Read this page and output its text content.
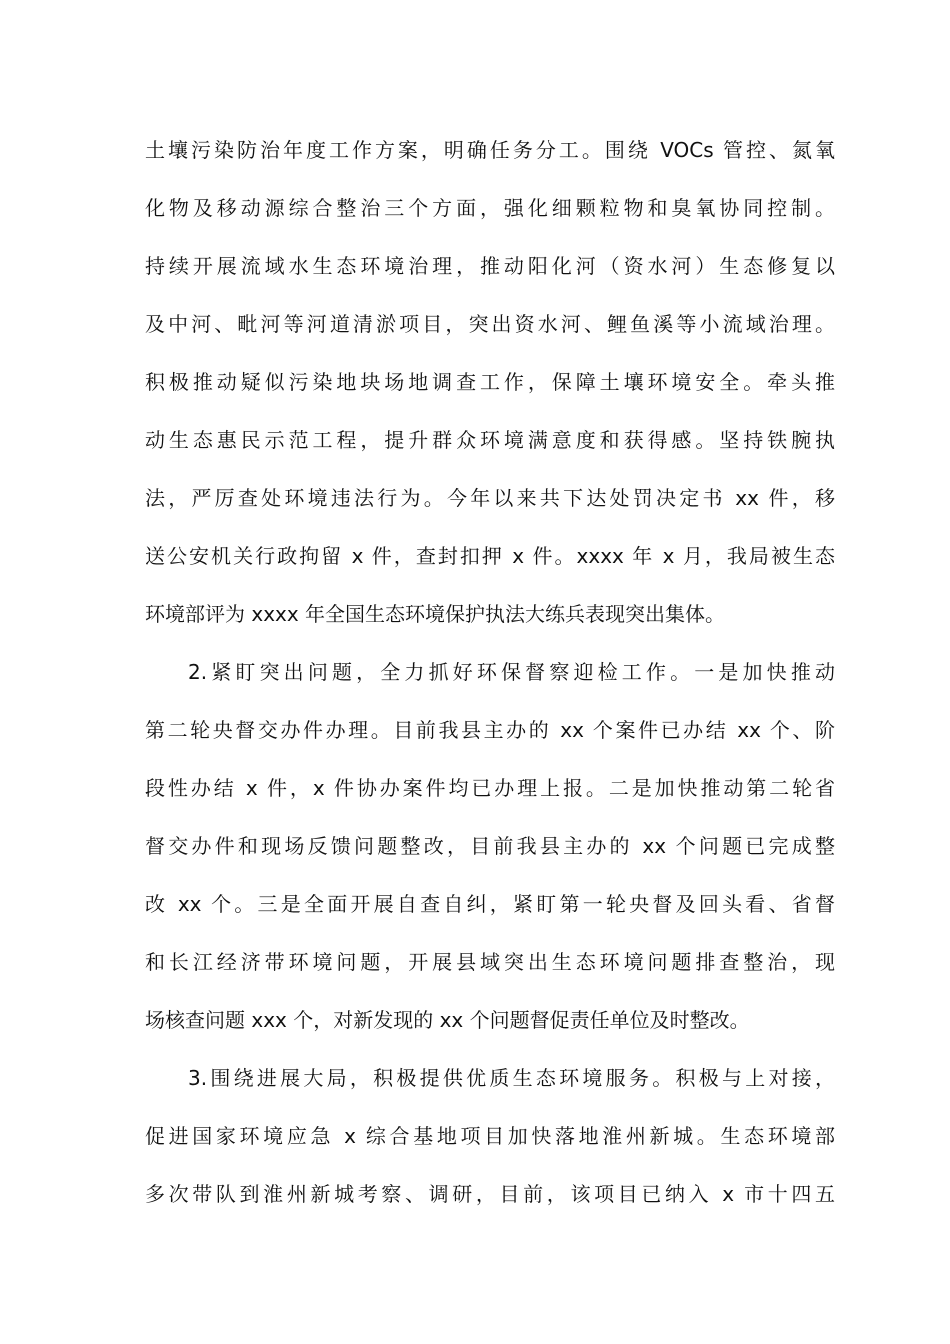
土壤污染防治年度工作方案，明确任务分工。围绕 VOCs 管控、氮氧
化物及移动源综合整治三个方面，强化细颗粒物和臭氧协同控制。
持续开展流域水生态环境治理，推动阳化河（资水河）生态修复以
及中河、毗河等河道清淤项目，突出资水河、鲤鱼溪等小流域治理。
积极推动疑似污染地块场地调查工作，保障土壤环境安全。牵头推
动生态惠民示范工程，提升群众环境满意度和获得感。坚持铁腕执
法，严厉查处环境违法行为。今年以来共下达处罚决定书 xx 件，移
送公安机关行政拘留 x 件，查封扣押 x 件。xxxx 年 x 月，我局被生态
环境部评为 xxxx 年全国生态环境保护执法大练兵表现突出集体。
2.紧盯突出问题，全力抓好环保督察迎检工作。一是加快推动
第二轮央督交办件办理。目前我县主办的 xx 个案件已办结 xx 个、阶
段性办结 x 件，x 件协办案件均已办理上报。二是加快推动第二轮省
督交办件和现场反馈问题整改，目前我县主办的 xx 个问题已完成整
改 xx 个。三是全面开展自查自纠，紧盯第一轮央督及回头看、省督
和长江经济带环境问题，开展县域突出生态环境问题排查整治，现
场核查问题 xxx 个，对新发现的 xx 个问题督促责任单位及时整改。
3.围绕进展大局，积极提供优质生态环境服务。积极与上对接，
促进国家环境应急 x 综合基地项目加快落地淮州新城。生态环境部
多次带队到淮州新城考察、调研，目前，该项目已纳入 x 市十四五
